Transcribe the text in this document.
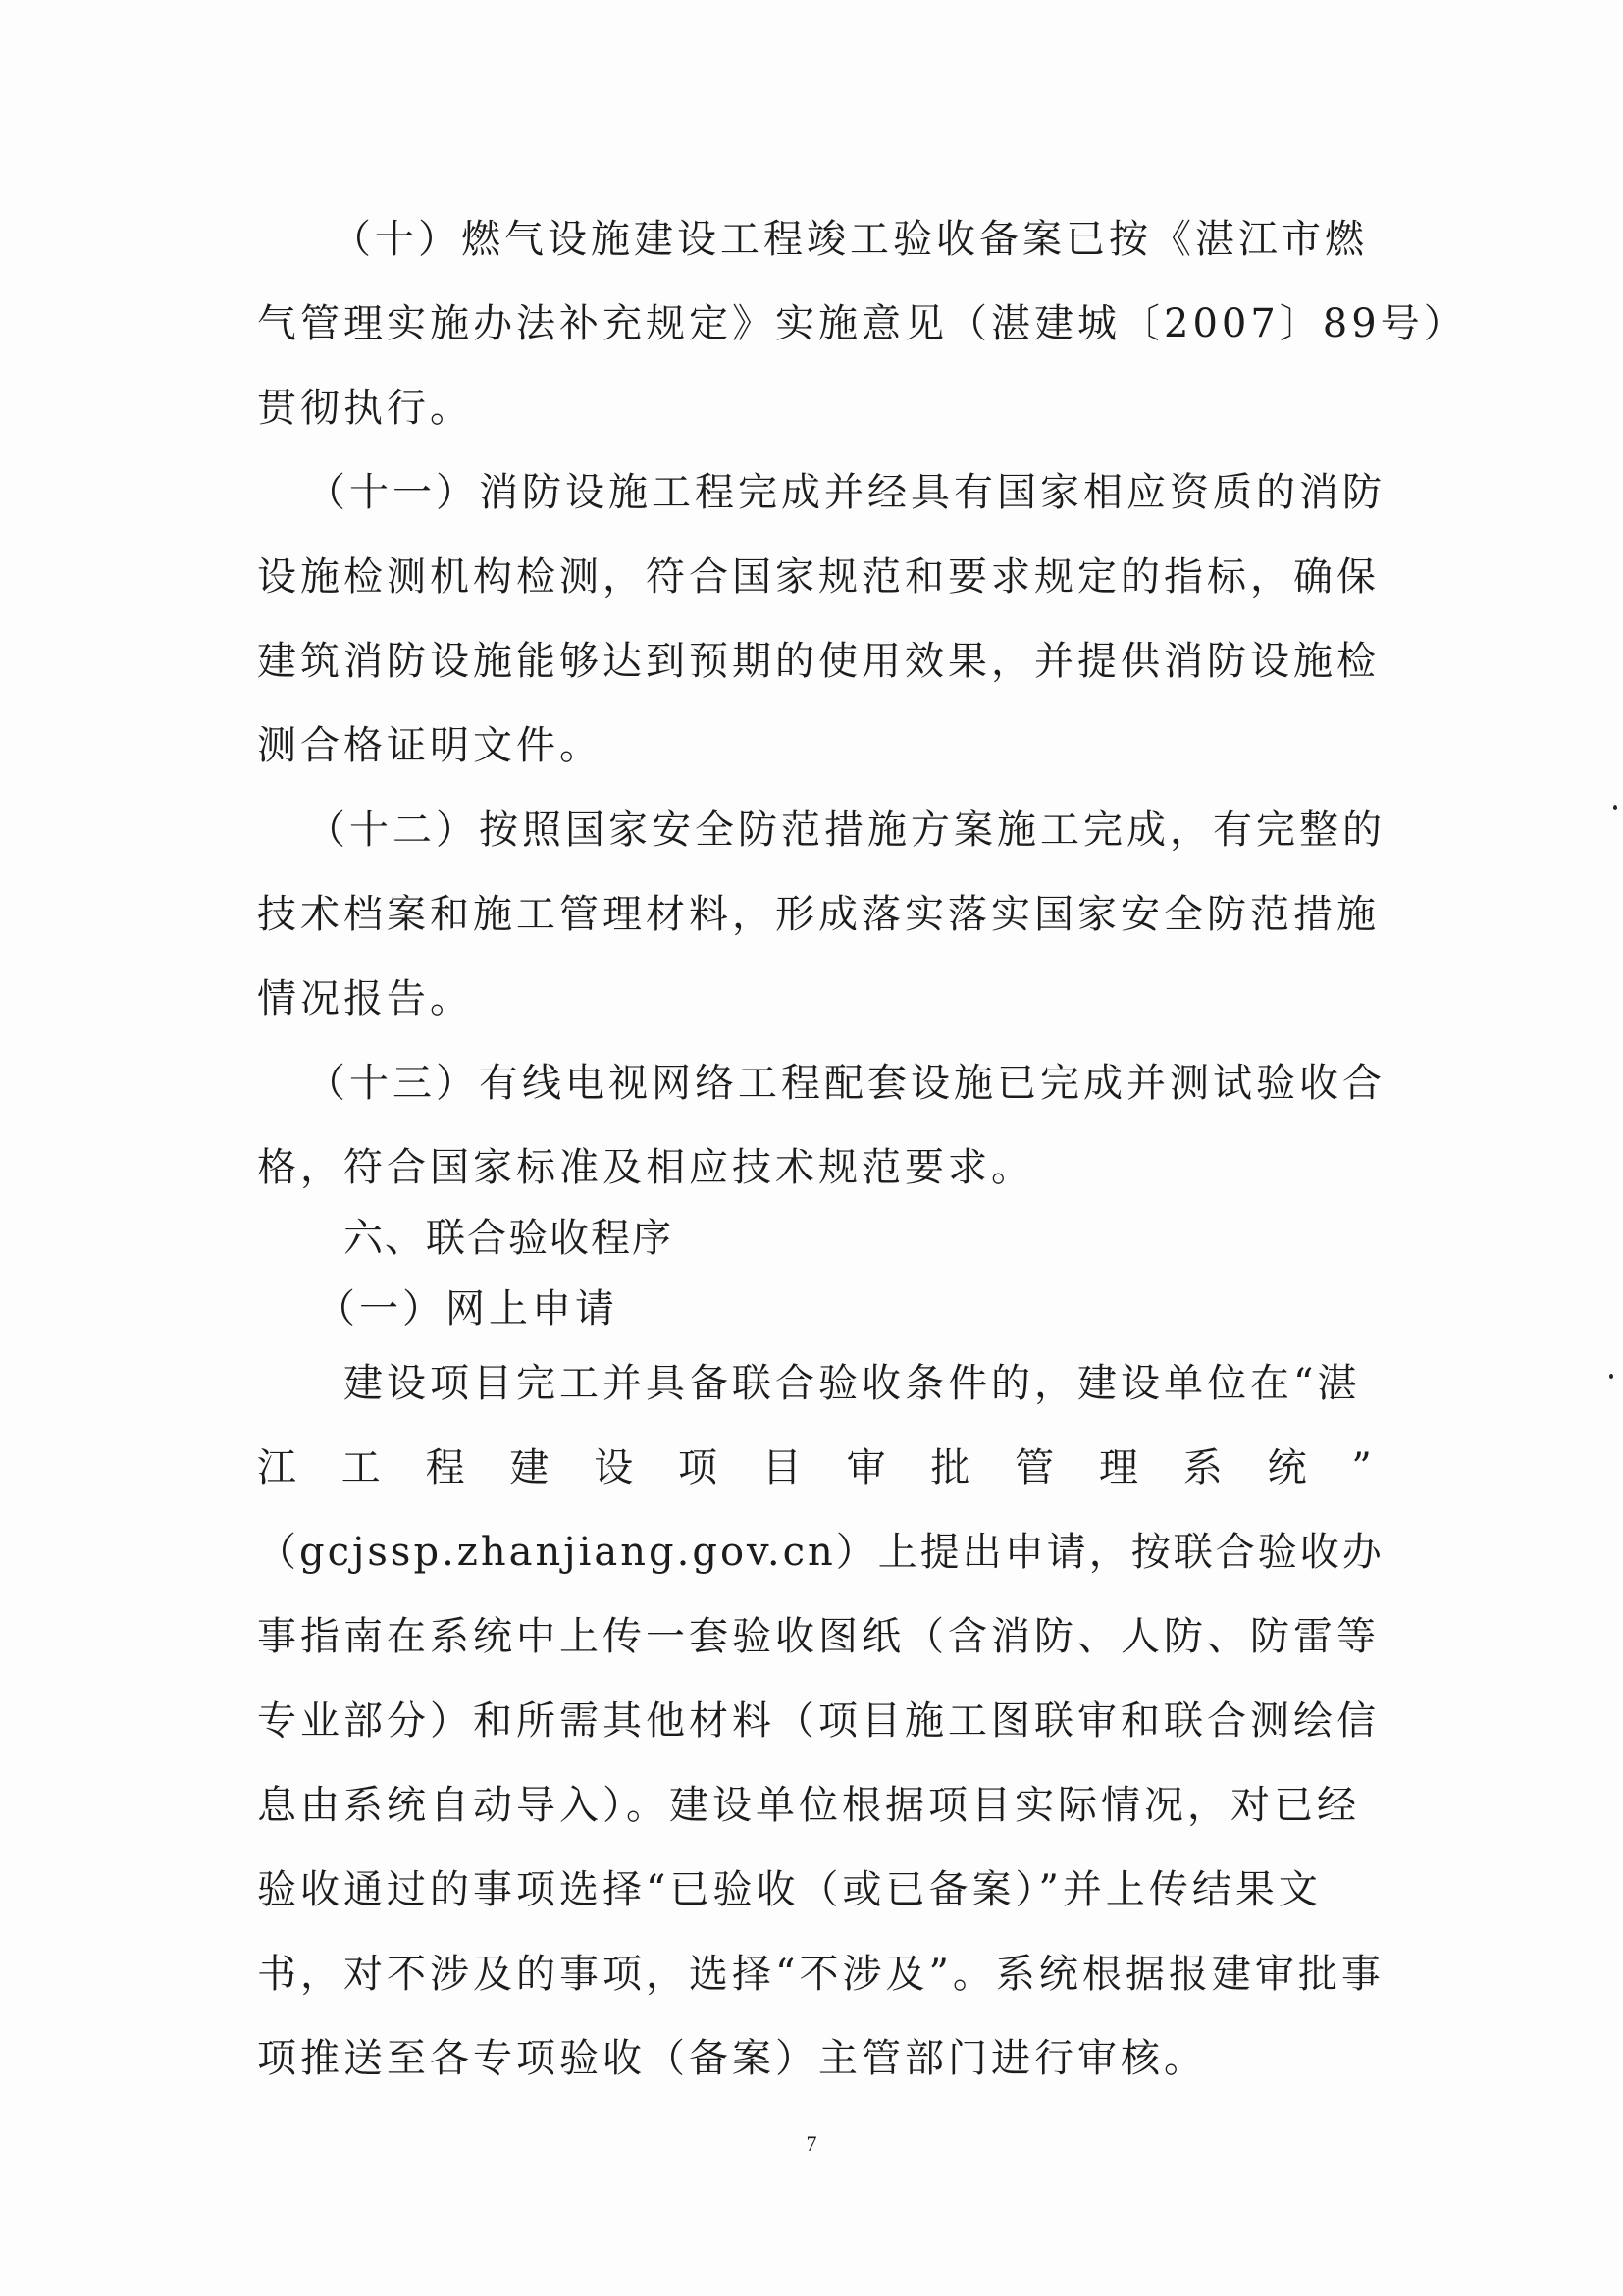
（十）燃气设施建设工程竣工验收备案已按《湛江市燃
气管理实施办法补充规定》实施意见（湛建城〔2007〕89号）
贯彻执行。
（十一）消防设施工程完成并经具有国家相应资质的消防
设施检测机构检测，符合国家规范和要求规定的指标，确保
建筑消防设施能够达到预期的使用效果，并提供消防设施检
测合格证明文件。
（十二）按照国家安全防范措施方案施工完成，有完整的
技术档案和施工管理材料，形成落实落实国家安全防范措施
情况报告。
（十三）有线电视网络工程配套设施已完成并测试验收合
格，符合国家标准及相应技术规范要求。
六、联合验收程序
（一）网上申请
建设项目完工并具备联合验收条件的，建设单位在“湛
江 工 程 建 设 项 目 审 批 管 理 系 统 ”
（gcjssp.zhanjiang.gov.cn）上提出申请，按联合验收办
事指南在系统中上传一套验收图纸（含消防、人防、防雷等
专业部分）和所需其他材料（项目施工图联审和联合测绘信
息由系统自动导入）。建设单位根据项目实际情况，对已经
验收通过的事项选择“已验收（或已备案）”并上传结果文
书，对不涉及的事项，选择“不涉及”。系统根据报建审批事
项推送至各专项验收（备案）主管部门进行审核。
7
